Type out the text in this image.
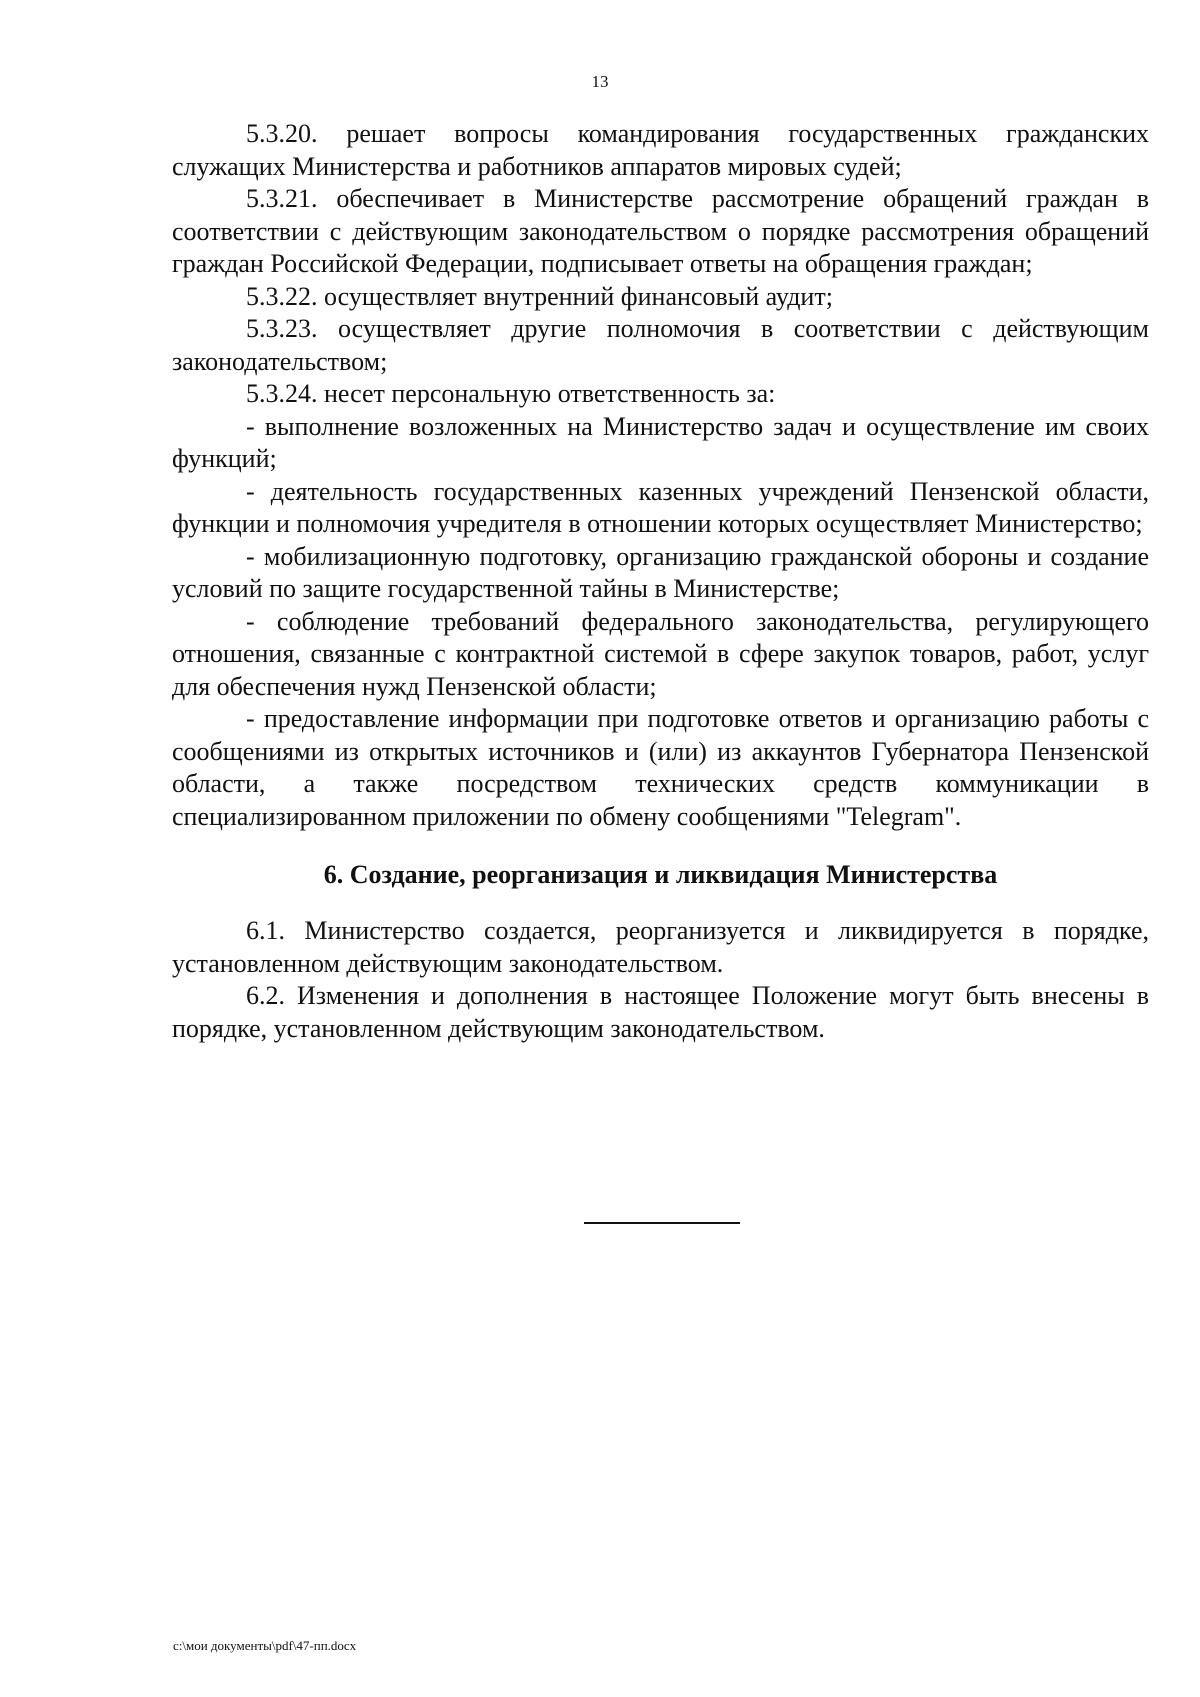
13

5.3.20. решает вопросы командирования государственных гражданских служащих Министерства и работников аппаратов мировых судей;

5.3.21. обеспечивает в Министерстве рассмотрение обращений граждан в соответствии с действующим законодательством о порядке рассмотрения обращений граждан Российской Федерации, подписывает ответы на обращения граждан;

5.3.22. осуществляет внутренний финансовый аудит;

5.3.23. осуществляет другие полномочия в соответствии с действующим законодательством;

5.3.24. несет персональную ответственность за:

- выполнение возложенных на Министерство задач и осуществление им своих функций;

- деятельность государственных казенных учреждений Пензенской области, функции и полномочия учредителя в отношении которых осуществляет Министерство;

- мобилизационную подготовку, организацию гражданской обороны и создание условий по защите государственной тайны в Министерстве;

- соблюдение требований федерального законодательства, регулирующего отношения, связанные с контрактной системой в сфере закупок товаров, работ, услуг для обеспечения нужд Пензенской области;

- предоставление информации при подготовке ответов и организацию работы с сообщениями из открытых источников и (или) из аккаунтов Губернатора Пензенской области, а также посредством технических средств коммуникации в специализированном приложении по обмену сообщениями "Telegram".

6. Создание, реорганизация и ликвидация Министерства

6.1. Министерство создается, реорганизуется и ликвидируется в порядке, установленном действующим законодательством.

6.2. Изменения и дополнения в настоящее Положение могут быть внесены в порядке, установленном действующим законодательством.

c:\мои документы\pdf\47-пп.docx
